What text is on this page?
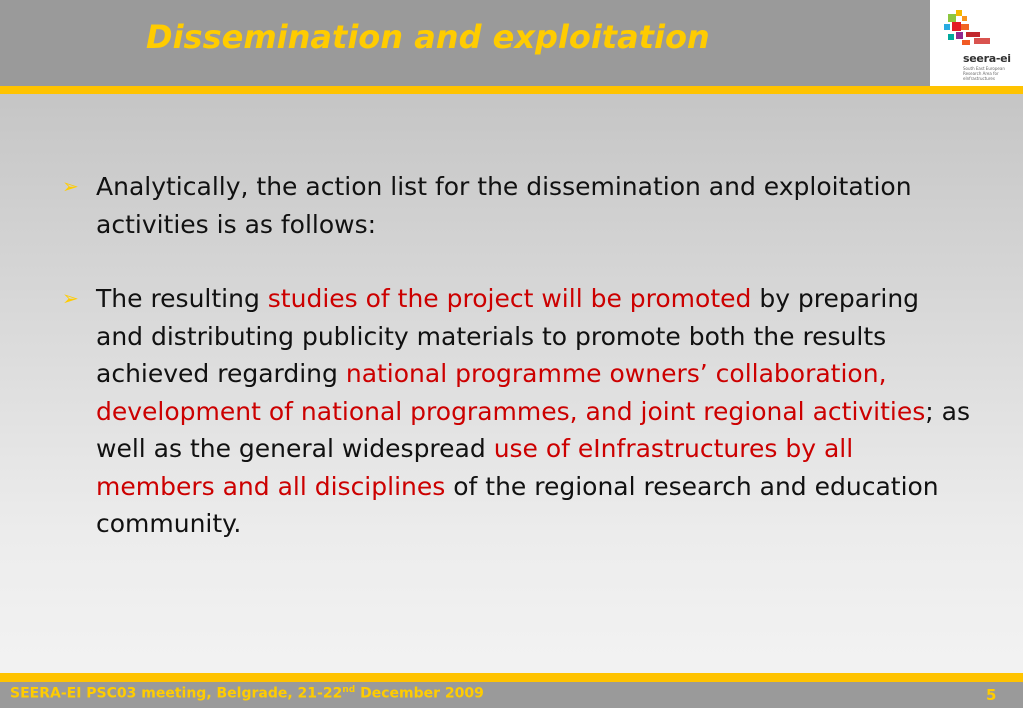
Dissemination and exploitation
seera-ei
South East European Research Area for eInfrastructures
➢ Analytically, the action list for the dissemination and exploitation activities is as follows:
➢ The resulting studies of the project will be promoted by preparing and distributing publicity materials to promote both the results achieved regarding national programme owners’ collaboration, development of national programmes, and joint regional activities; as well as the general widespread use of eInfrastructures by all members and all disciplines of the regional research and education community.
SEERA-EI PSC03 meeting, Belgrade, 21-22nd December 2009	5
